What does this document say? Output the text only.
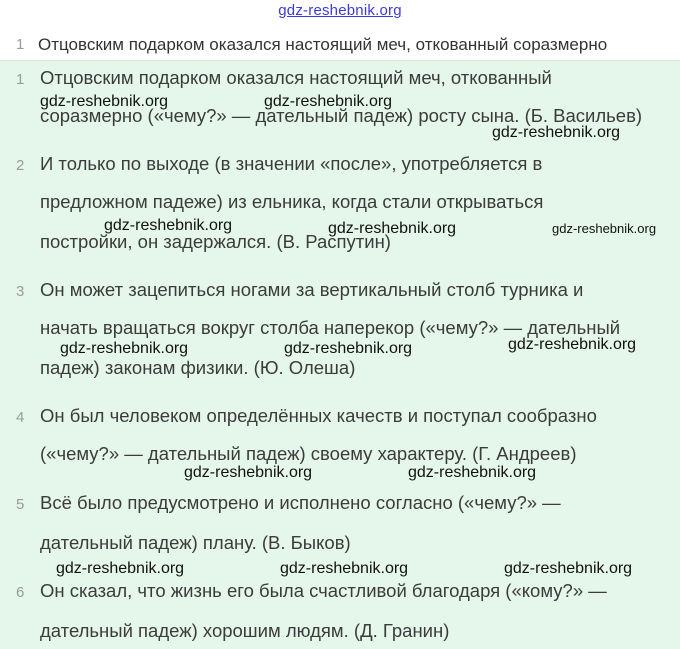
gdz-reshebnik.org
1 Отцовским подарком оказался настоящий меч, откованный соразмерно
1 Отцовским подарком оказался настоящий меч, откованный
соразмерно («чему?» — дательный падеж) росту сына. (Б. Васильев)
2 И только по выходе (в значении «после», употребляется в
предложном падеже) из ельника, когда стали открываться
постройки, он задержался. (В. Распутин)
3 Он может зацепиться ногами за вертикальный столб турника и
начать вращаться вокруг столба наперекор («чему?» — дательный
падеж) законам физики. (Ю. Олеша)
4 Он был человеком определённых качеств и поступал сообразно
(«чему?» — дательный падеж) своему характеру. (Г. Андреев)
5 Всё было предусмотрено и исполнено согласно («чему?» —
дательный падеж) плану. (В. Быков)
6 Он сказал, что жизнь его была счастливой благодаря («кому?» —
дательный падеж) хорошим людям. (Д. Гранин)
gdz-reshebnik.org	gdz-reshebnik.org
gdz-reshebnik.org
gdz-reshebnik.org	gdz-reshebnik.org	gdz-reshebnik.org
gdz-reshebnik.org	gdz-reshebnik.org	gdz-reshebnik.org
gdz-reshebnik.org	gdz-reshebnik.org
gdz-reshebnik.org	gdz-reshebnik.org	gdz-reshebnik.org
